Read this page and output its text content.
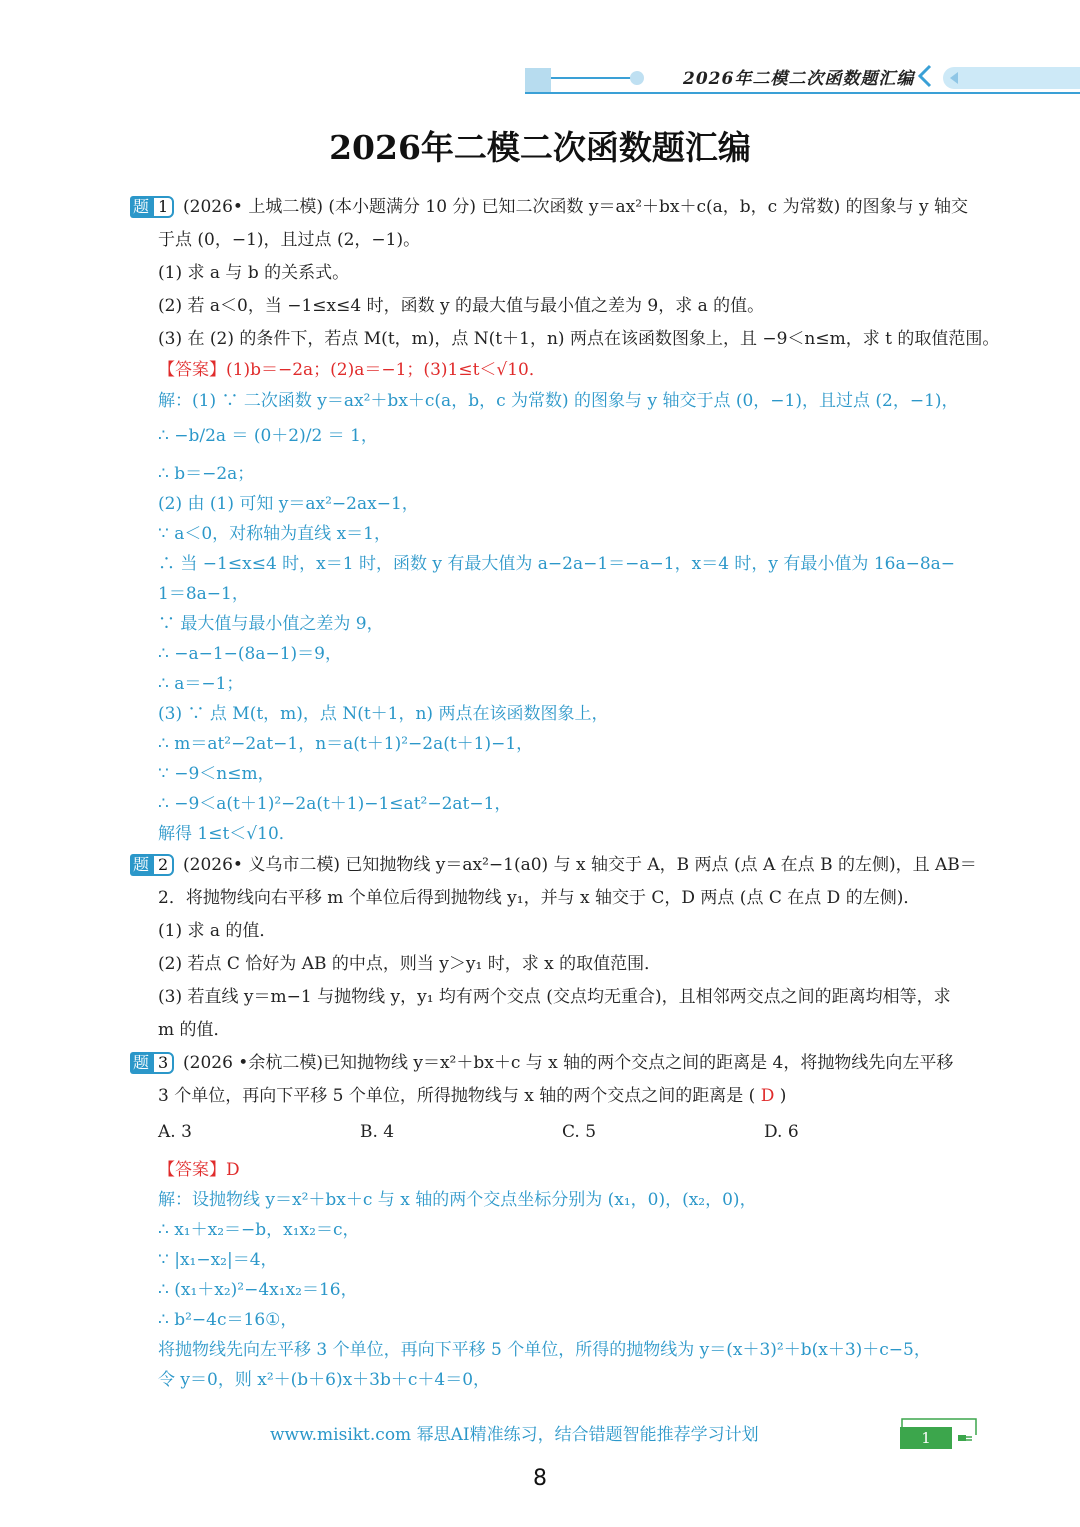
2026年二模二次函数题汇编
2026年二模二次函数题汇编
题 1 (2026• 上城二模) (本小题满分 10 分) 已知二次函数 y＝ax²＋bx＋c(a，b，c 为常数) 的图象与 y 轴交
于点 (0，−1)，且过点 (2，−1)。
(1) 求 a 与 b 的关系式。
(2) 若 a＜0，当 −1≤x≤4 时，函数 y 的最大值与最小值之差为 9，求 a 的值。
(3) 在 (2) 的条件下，若点 M(t，m)，点 N(t＋1，n) 两点在该函数图象上，且 −9＜n≤m，求 t 的取值范围。
【答案】(1)b＝−2a；(2)a＝−1；(3)1≤t＜√10．
解：(1) ∵ 二次函数 y＝ax²＋bx＋c(a，b，c 为常数) 的图象与 y 轴交于点 (0，−1)，且过点 (2，−1)，
∴ −b/2a ＝ (0＋2)/2 ＝ 1，
∴ b＝−2a；
(2) 由 (1) 可知 y＝ax²−2ax−1，
∵ a＜0，对称轴为直线 x＝1，
∴ 当 −1≤x≤4 时，x＝1 时，函数 y 有最大值为 a−2a−1＝−a−1，x＝4 时，y 有最小值为 16a−8a−
1＝8a−1，
∵ 最大值与最小值之差为 9，
∴ −a−1−(8a−1)＝9，
∴ a＝−1；
(3) ∵ 点 M(t，m)，点 N(t＋1，n) 两点在该函数图象上，
∴ m＝at²−2at−1，n＝a(t＋1)²−2a(t＋1)−1，
∵ −9＜n≤m，
∴ −9＜a(t＋1)²−2a(t＋1)−1≤at²−2at−1，
解得 1≤t＜√10．
题 2 (2026• 义乌市二模) 已知抛物线 y＝ax²−1(a0) 与 x 轴交于 A，B 两点 (点 A 在点 B 的左侧)，且 AB＝
2．将抛物线向右平移 m 个单位后得到抛物线 y₁，并与 x 轴交于 C，D 两点 (点 C 在点 D 的左侧)．
(1) 求 a 的值．
(2) 若点 C 恰好为 AB 的中点，则当 y＞y₁ 时，求 x 的取值范围．
(3) 若直线 y＝m−1 与抛物线 y，y₁ 均有两个交点 (交点均无重合)，且相邻两交点之间的距离均相等，求
m 的值．
题 3 (2026 •余杭二模)已知抛物线 y＝x²＋bx＋c 与 x 轴的两个交点之间的距离是 4，将抛物线先向左平移
3 个单位，再向下平移 5 个单位，所得抛物线与 x 轴的两个交点之间的距离是 ( D )
A. 3	B. 4	C. 5	D. 6
【答案】D
解：设抛物线 y＝x²＋bx＋c 与 x 轴的两个交点坐标分别为 (x₁，0)，(x₂，0)，
∴ x₁＋x₂＝−b，x₁x₂＝c，
∵ |x₁−x₂|＝4，
∴ (x₁＋x₂)²−4x₁x₂＝16，
∴ b²−4c＝16①，
将抛物线先向左平移 3 个单位，再向下平移 5 个单位，所得的抛物线为 y＝(x＋3)²＋b(x＋3)＋c−5，
令 y＝0，则 x²＋(b＋6)x＋3b＋c＋4＝0，
www.misikt.com 幂思AI精准练习，结合错题智能推荐学习计划	1
8
